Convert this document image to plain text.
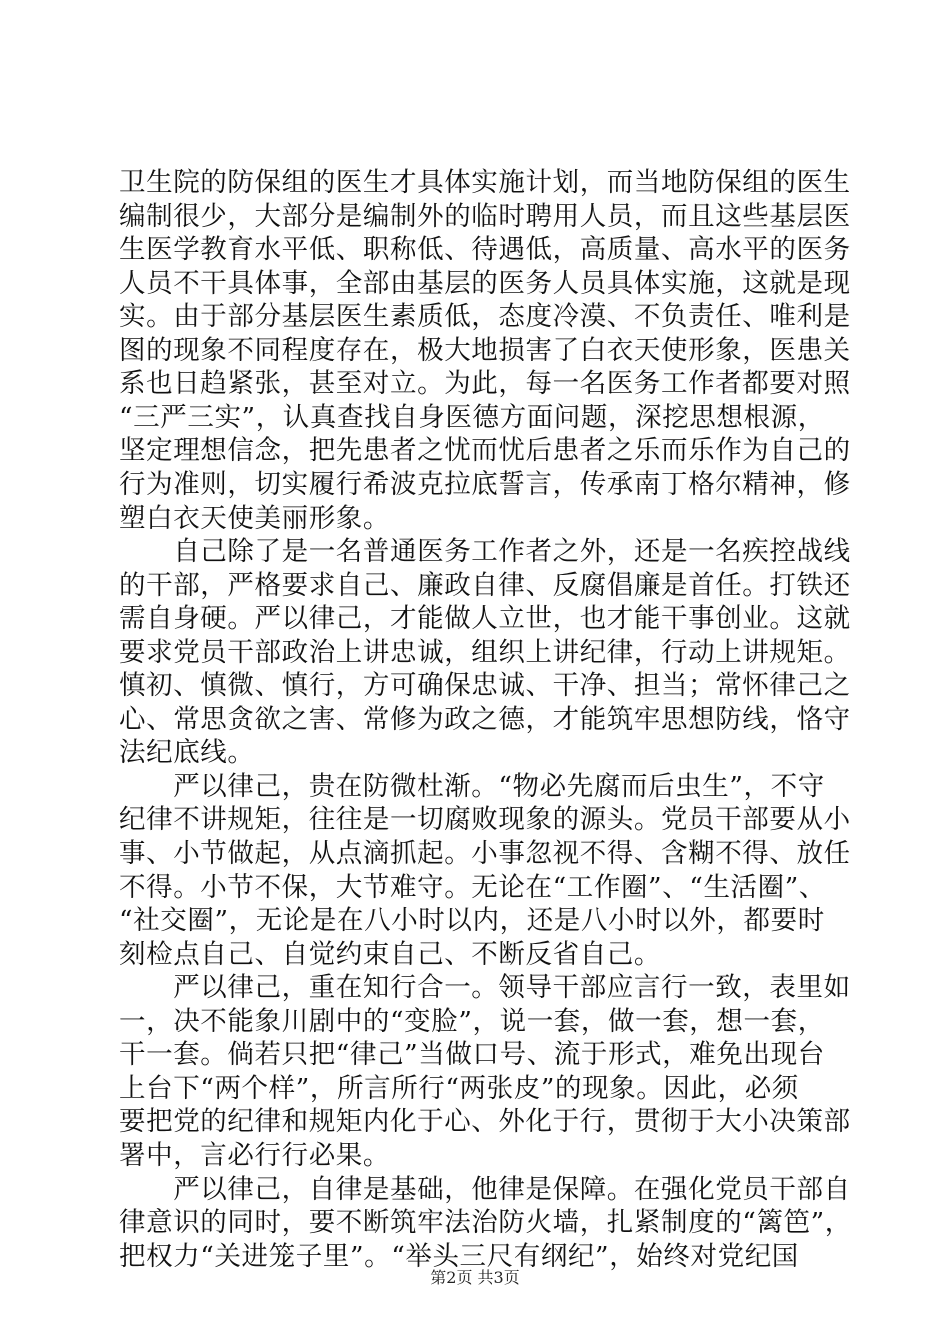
卫生院的防保组的医生才具体实施计划，而当地防保组的医生
编制很少，大部分是编制外的临时聘用人员，而且这些基层医
生医学教育水平低、职称低、待遇低，高质量、高水平的医务
人员不干具体事，全部由基层的医务人员具体实施，这就是现
实。由于部分基层医生素质低，态度冷漠、不负责任、唯利是
图的现象不同程度存在，极大地损害了白衣天使形象，医患关
系也日趋紧张，甚至对立。为此，每一名医务工作者都要对照
“三严三实”，认真查找自身医德方面问题，深挖思想根源，
坚定理想信念，把先患者之忧而忧后患者之乐而乐作为自己的
行为准则，切实履行希波克拉底誓言，传承南丁格尔精神，修
塑白衣天使美丽形象。
　　自己除了是一名普通医务工作者之外，还是一名疾控战线
的干部，严格要求自己、廉政自律、反腐倡廉是首任。打铁还
需自身硬。严以律己，才能做人立世，也才能干事创业。这就
要求党员干部政治上讲忠诚，组织上讲纪律，行动上讲规矩。
慎初、慎微、慎行，方可确保忠诚、干净、担当；常怀律己之
心、常思贪欲之害、常修为政之德，才能筑牢思想防线，恪守
法纪底线。
　　严以律己，贵在防微杜渐。“物必先腐而后虫生”，不守
纪律不讲规矩，往往是一切腐败现象的源头。党员干部要从小
事、小节做起，从点滴抓起。小事忽视不得、含糊不得、放任
不得。小节不保，大节难守。无论在“工作圈”、“生活圈”、
“社交圈”，无论是在八小时以内，还是八小时以外，都要时
刻检点自己、自觉约束自己、不断反省自己。
　　严以律己，重在知行合一。领导干部应言行一致，表里如
一，决不能象川剧中的“变脸”，说一套，做一套，想一套，
干一套。倘若只把“律己”当做口号、流于形式，难免出现台
上台下“两个样”，所言所行“两张皮”的现象。因此，必须
要把党的纪律和规矩内化于心、外化于行，贯彻于大小决策部
署中，言必行行必果。
　　严以律己，自律是基础，他律是保障。在强化党员干部自
律意识的同时，要不断筑牢法治防火墙，扎紧制度的“篱笆”，
把权力“关进笼子里”。“举头三尺有纲纪”，始终对党纪国
第2页 共3页
